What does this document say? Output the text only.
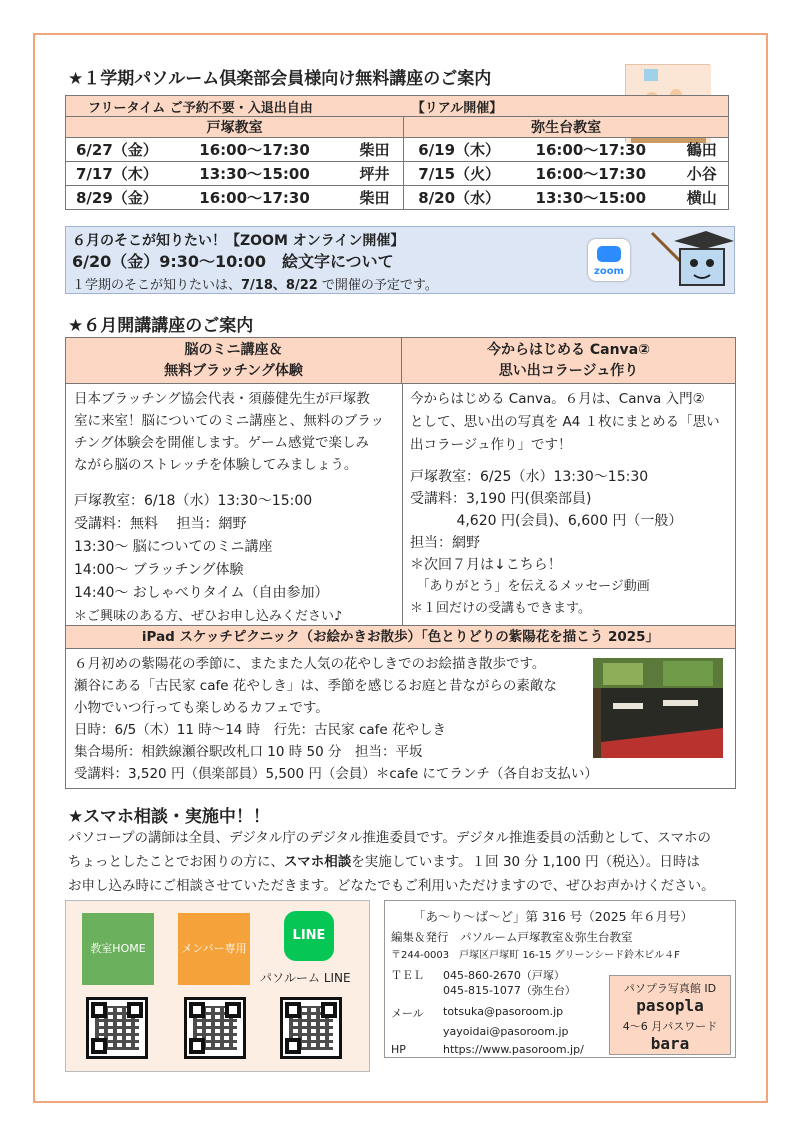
★１学期パソルーム倶楽部会員様向け無料講座のご案内
フリータイム ご予約不要・入退出自由			【リアル開催】		
戸塚教室			弥生台教室		
6/27（金）	16:00～17:30	柴田	6/19（木）	16:00～17:30	鶴田
7/17（木）	13:30～15:00	坪井	7/15（火）	16:00～17:30	小谷
8/29（金）	16:00～17:30	柴田	8/20（水）	13:30～15:00	横山
６月のそこが知りたい！【ZOOM オンライン開催】
6/20（金）9:30～10:00　絵文字について
１学期のそこが知りたいは、7/18、8/22 で開催の予定です。
zoom
★６月開講講座のご案内
脳のミニ講座＆
無料ブラッチング体験
今からはじめる Canva②
思い出コラージュ作り
日本ブラッチング協会代表・須藤健先生が戸塚教
室に来室！脳についてのミニ講座と、無料のブラッ
チング体験会を開催します。ゲーム感覚で楽しみ
ながら脳のストレッチを体験してみましょう。
戸塚教室：6/18（水）13:30～15:00
受講料：無料　 担当：網野
13:30～ 脳についてのミニ講座
14:00～ ブラッチング体験
14:40～ おしゃべりタイム（自由参加）
＊ご興味のある方、ぜひお申し込みください♪
今からはじめる Canva。６月は、Canva 入門②
として、思い出の写真を A4 １枚にまとめる「思い
出コラージュ作り」です！
戸塚教室：6/25（水）13:30～15:30
受講料：3,190 円(倶楽部員)
　　　 4,620 円(会員)、6,600 円（一般）
担当：網野
＊次回７月は↓こちら！
　「ありがとう」を伝えるメッセージ動画
＊１回だけの受講もできます。
iPad スケッチピクニック（お絵かきお散歩）「色とりどりの紫陽花を描こう 2025」
６月初めの紫陽花の季節に、またまた人気の花やしきでのお絵描き散歩です。
瀬谷にある「古民家 cafe 花やしき」は、季節を感じるお庭と昔ながらの素敵な
小物でいつ行っても楽しめるカフェです。
日時：6/5（木）11 時～14 時　行先：古民家 cafe 花やしき
集合場所：相鉄線瀬谷駅改札口 10 時 50 分　担当：平坂
受講料：3,520 円（倶楽部員）5,500 円（会員）＊cafe にてランチ（各自お支払い）
★スマホ相談・実施中！！
パソコープの講師は全員、デジタル庁のデジタル推進委員です。デジタル推進委員の活動として、スマホの
ちょっとしたことでお困りの方に、スマホ相談を実施しています。１回 30 分 1,100 円（税込）。日時は
お申し込み時にご相談させていただきます。どなたでもご利用いただけますので、ぜひお声かけください。
教室HOME	メンバー専用
LINE
パソルーム LINE
「あ～り～ば～ど」第 316 号（2025 年６月号）
編集＆発行　パソルーム戸塚教室＆弥生台教室
〒244-0003　戸塚区戸塚町 16-15 グリーンシード鈴木ビル４F
ＴＥＬ 045-860-2670（戸塚）
045-815-1077（弥生台）
メール totsuka@pasoroom.jp
yayoidai@pasoroom.jp
HP	https://www.pasoroom.jp/
パソプラ写真館 ID
pasopla
4～6 月パスワード
bara
